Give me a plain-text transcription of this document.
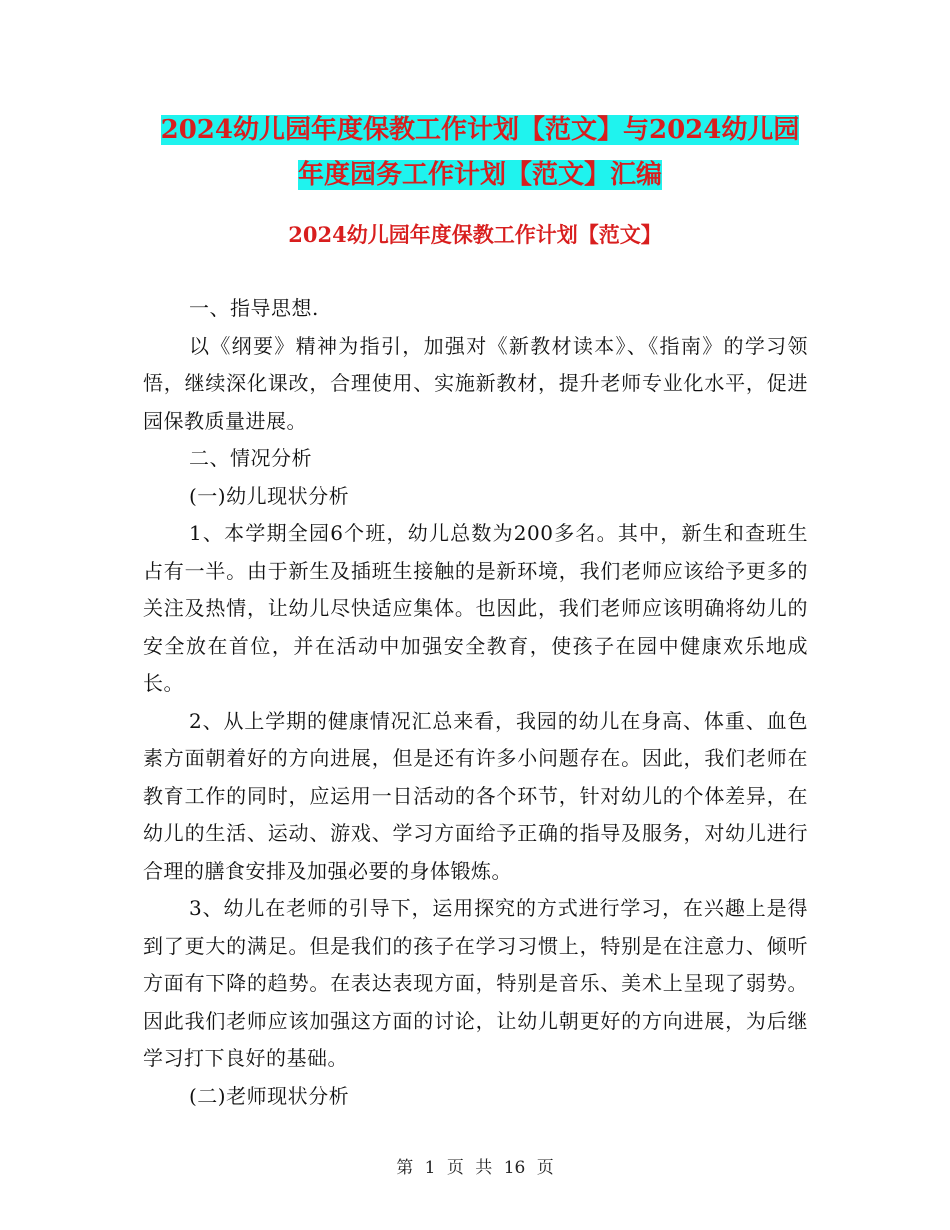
2024幼儿园年度保教工作计划【范文】与2024幼儿园
年度园务工作计划【范文】汇编
2024幼儿园年度保教工作计划【范文】

一、指导思想.

以《纲要》精神为指引，加强对《新教材读本》、《指南》的学习领悟，继续深化课改，合理使用、实施新教材，提升老师专业化水平，促进园保教质量进展。

二、情况分析

(一)幼儿现状分析

1、本学期全园6个班，幼儿总数为200多名。其中，新生和查班生占有一半。由于新生及插班生接触的是新环境，我们老师应该给予更多的关注及热情，让幼儿尽快适应集体。也因此，我们老师应该明确将幼儿的安全放在首位，并在活动中加强安全教育，使孩子在园中健康欢乐地成长。

2、从上学期的健康情况汇总来看，我园的幼儿在身高、体重、血色素方面朝着好的方向进展，但是还有许多小问题存在。因此，我们老师在教育工作的同时，应运用一日活动的各个环节，针对幼儿的个体差异，在幼儿的生活、运动、游戏、学习方面给予正确的指导及服务，对幼儿进行合理的膳食安排及加强必要的身体锻炼。

3、幼儿在老师的引导下，运用探究的方式进行学习，在兴趣上是得到了更大的满足。但是我们的孩子在学习习惯上，特别是在注意力、倾听方面有下降的趋势。在表达表现方面，特别是音乐、美术上呈现了弱势。因此我们老师应该加强这方面的讨论，让幼儿朝更好的方向进展，为后继学习打下良好的基础。

(二)老师现状分析

第 1 页 共 16 页
